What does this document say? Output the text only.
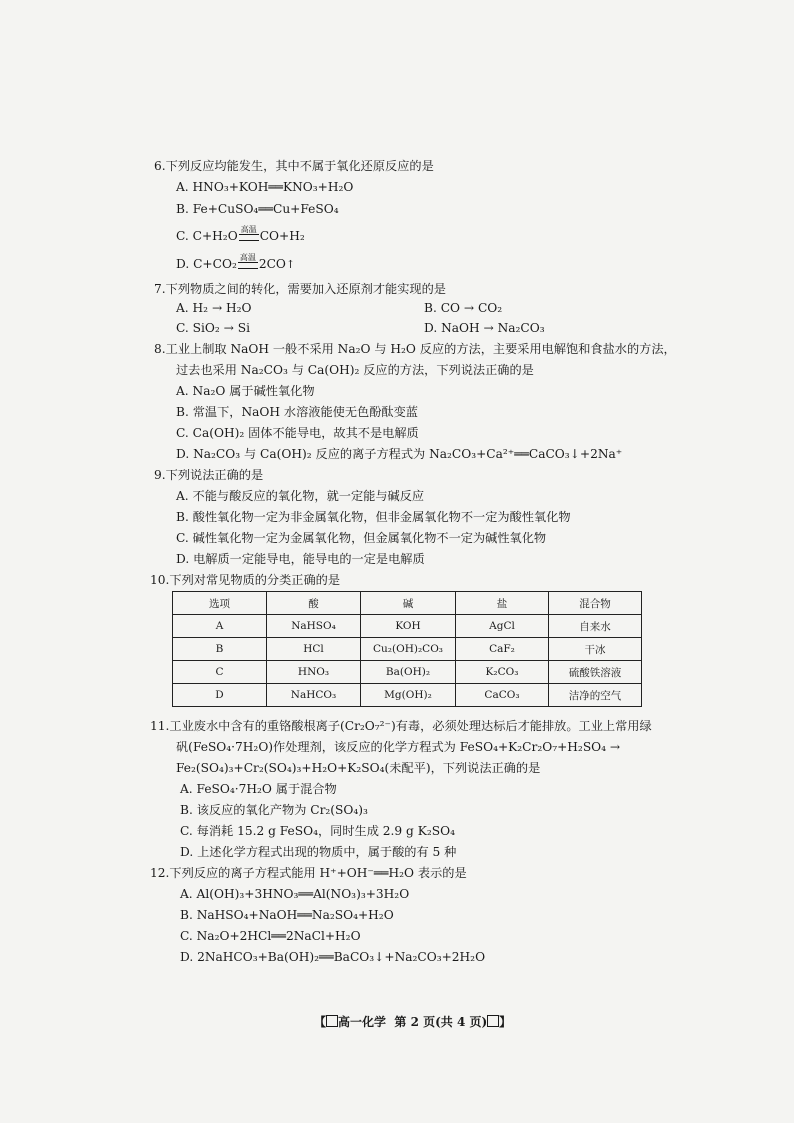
6.下列反应均能发生，其中不属于氧化还原反应的是
A. HNO₃+KOH══KNO₃+H₂O
B. Fe+CuSO₄══Cu+FeSO₄
C. C+H₂O 高温 CO+H₂
D. C+CO₂ 高温 2CO↑
7.下列物质之间的转化，需要加入还原剂才能实现的是
A. H₂ → H₂O	B. CO → CO₂
C. SiO₂ → Si	D. NaOH → Na₂CO₃
8.工业上制取 NaOH 一般不采用 Na₂O 与 H₂O 反应的方法，主要采用电解饱和食盐水的方法，
过去也采用 Na₂CO₃ 与 Ca(OH)₂ 反应的方法，下列说法正确的是
A. Na₂O 属于碱性氧化物
B. 常温下，NaOH 水溶液能使无色酚酞变蓝
C. Ca(OH)₂ 固体不能导电，故其不是电解质
D. Na₂CO₃ 与 Ca(OH)₂ 反应的离子方程式为 Na₂CO₃+Ca²⁺══CaCO₃↓+2Na⁺
9.下列说法正确的是
A. 不能与酸反应的氧化物，就一定能与碱反应
B. 酸性氧化物一定为非金属氧化物，但非金属氧化物不一定为酸性氧化物
C. 碱性氧化物一定为金属氧化物，但金属氧化物不一定为碱性氧化物
D. 电解质一定能导电，能导电的一定是电解质
10.下列对常见物质的分类正确的是
选项	酸	碱	盐	混合物
A	NaHSO₄	KOH	AgCl	自来水
B	HCl	Cu₂(OH)₂CO₃	CaF₂	干冰
C	HNO₃	Ba(OH)₂	K₂CO₃	硫酸铁溶液
D	NaHCO₃	Mg(OH)₂	CaCO₃	洁净的空气
11.工业废水中含有的重铬酸根离子(Cr₂O₇²⁻)有毒，必须处理达标后才能排放。工业上常用绿
矾(FeSO₄·7H₂O)作处理剂，该反应的化学方程式为 FeSO₄+K₂Cr₂O₇+H₂SO₄ →
Fe₂(SO₄)₃+Cr₂(SO₄)₃+H₂O+K₂SO₄(未配平)，下列说法正确的是
A. FeSO₄·7H₂O 属于混合物
B. 该反应的氧化产物为 Cr₂(SO₄)₃
C. 每消耗 15.2 g FeSO₄，同时生成 2.9 g K₂SO₄
D. 上述化学方程式出现的物质中，属于酸的有 5 种
12.下列反应的离子方程式能用 H⁺+OH⁻══H₂O 表示的是
A. Al(OH)₃+3HNO₃══Al(NO₃)₃+3H₂O
B. NaHSO₄+NaOH══Na₂SO₄+H₂O
C. Na₂O+2HCl══2NaCl+H₂O
D. 2NaHCO₃+Ba(OH)₂══BaCO₃↓+Na₂CO₃+2H₂O
【 高一化学 第 2 页(共 4 页) 】
